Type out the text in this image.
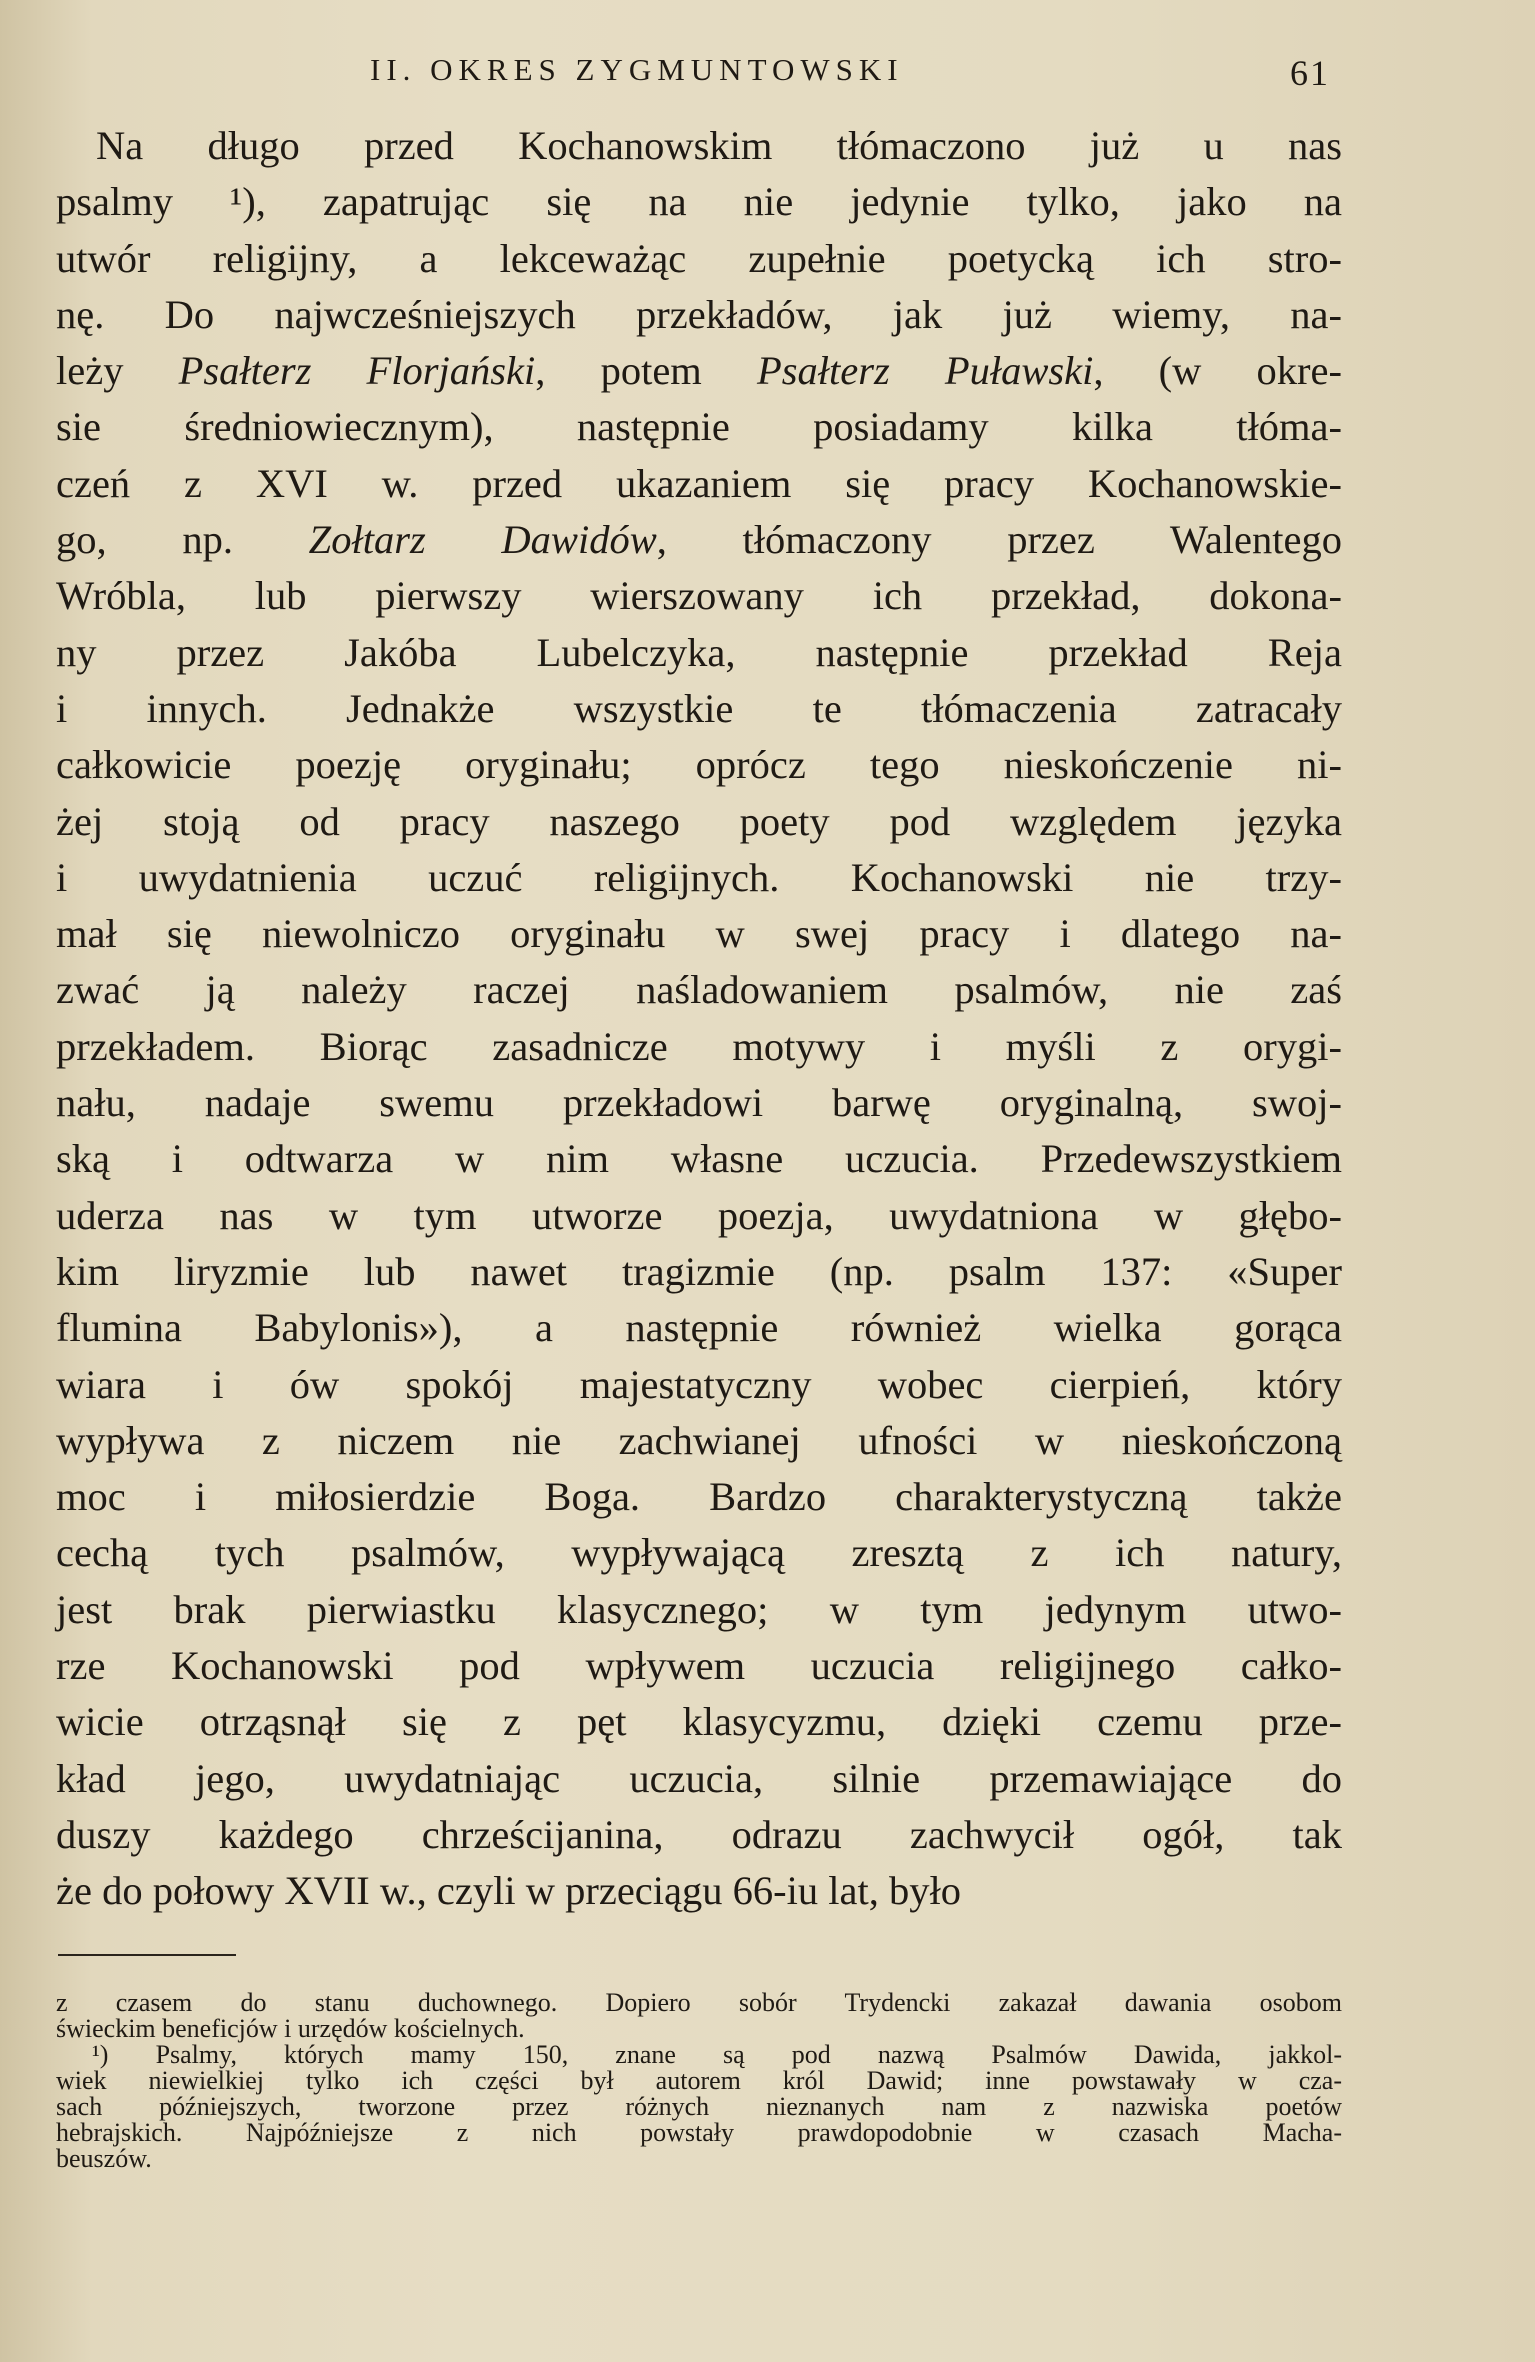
II. OKRES ZYGMUNTOWSKI	61
Na długo przed Kochanowskim tłómaczono już u nas
psalmy ¹), zapatrując się na nie jedynie tylko, jako na
utwór religijny, a lekceważąc zupełnie poetycką ich stro-
nę. Do najwcześniejszych przekładów, jak już wiemy, na-
leży Psałterz Florjański, potem Psałterz Puławski, (w okre-
sie średniowiecznym), następnie posiadamy kilka tłóma-
czeń z XVI w. przed ukazaniem się pracy Kochanowskie-
go, np. Zołtarz Dawidów, tłómaczony przez Walentego
Wróbla, lub pierwszy wierszowany ich przekład, dokona-
ny przez Jakóba Lubelczyka, następnie przekład Reja
i innych. Jednakże wszystkie te tłómaczenia zatracały
całkowicie poezję oryginału; oprócz tego nieskończenie ni-
żej stoją od pracy naszego poety pod względem języka
i uwydatnienia uczuć religijnych. Kochanowski nie trzy-
mał się niewolniczo oryginału w swej pracy i dlatego na-
zwać ją należy raczej naśladowaniem psalmów, nie zaś
przekładem. Biorąc zasadnicze motywy i myśli z orygi-
nału, nadaje swemu przekładowi barwę oryginalną, swoj-
ską i odtwarza w nim własne uczucia. Przedewszystkiem
uderza nas w tym utworze poezja, uwydatniona w głębo-
kim liryzmie lub nawet tragizmie (np. psalm 137: «Super
flumina Babylonis»), a następnie również wielka gorąca
wiara i ów spokój majestatyczny wobec cierpień, który
wypływa z niczem nie zachwianej ufności w nieskończoną
moc i miłosierdzie Boga. Bardzo charakterystyczną także
cechą tych psalmów, wypływającą zresztą z ich natury,
jest brak pierwiastku klasycznego; w tym jedynym utwo-
rze Kochanowski pod wpływem uczucia religijnego całko-
wicie otrząsnął się z pęt klasycyzmu, dzięki czemu prze-
kład jego, uwydatniając uczucia, silnie przemawiające do
duszy każdego chrześcijanina, odrazu zachwycił ogół, tak
że do połowy XVII w., czyli w przeciągu 66-iu lat, było
z czasem do stanu duchownego. Dopiero sobór Trydencki zakazał dawania osobom
świeckim beneficjów i urzędów kościelnych.
¹) Psalmy, których mamy 150, znane są pod nazwą Psalmów Dawida, jakkol-
wiek niewielkiej tylko ich części był autorem król Dawid; inne powstawały w cza-
sach późniejszych, tworzone przez różnych nieznanych nam z nazwiska poetów
hebrajskich. Najpóźniejsze z nich powstały prawdopodobnie w czasach Macha-
beuszów.
